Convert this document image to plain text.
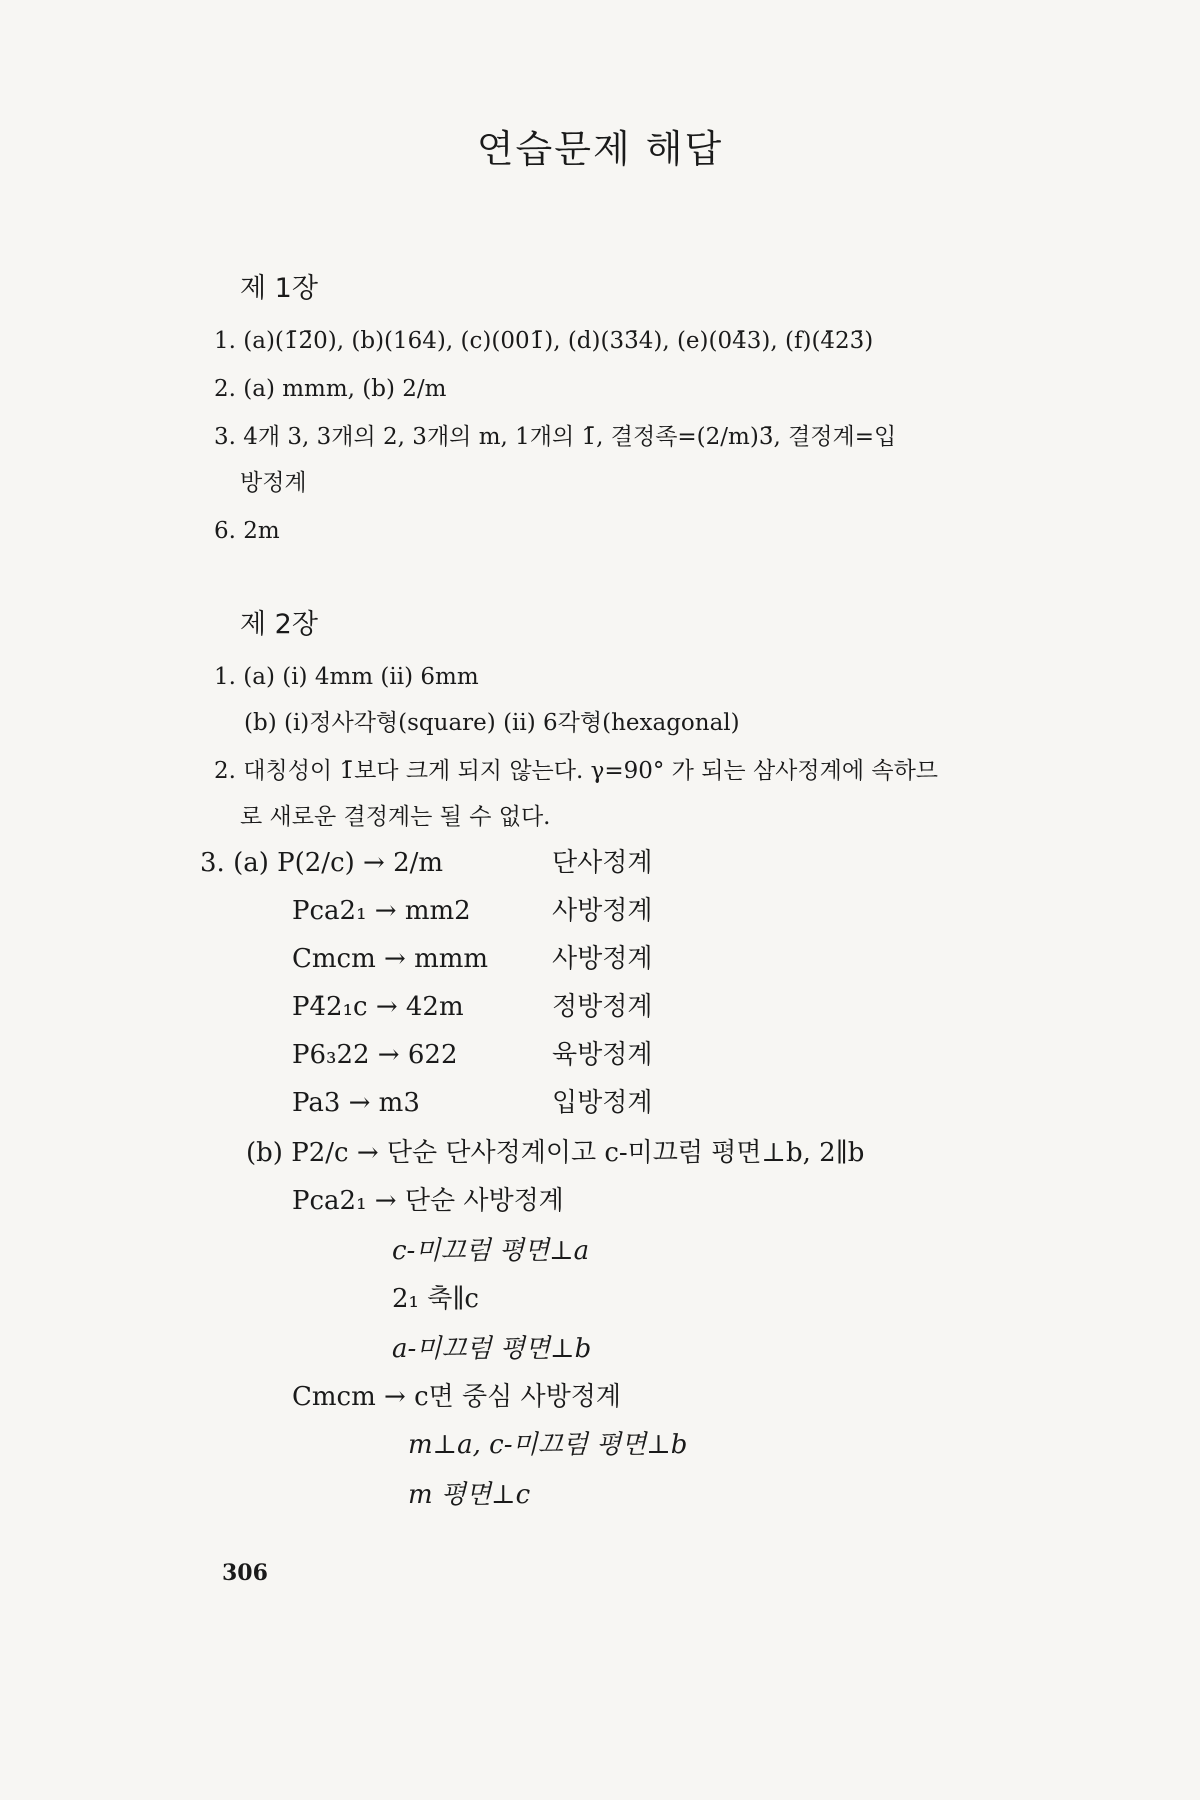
연습문제 해답
제 1장
1. (a)(1̄2̄0), (b)(164), (c)(001̄), (d)(33̄4), (e)(04̄3), (f)(4̄23̄)
2. (a) mmm, (b) 2/m
3. 4개 3, 3개의 2, 3개의 m, 1개의 1̄, 결정족=(2/m)3̄, 결정계=입
방정계
6. 2m
제 2장
1. (a) (i) 4mm (ii) 6mm
(b) (i)정사각형(square) (ii) 6각형(hexagonal)
2. 대칭성이 1̄보다 크게 되지 않는다. γ=90° 가 되는 삼사정계에 속하므
로 새로운 결정계는 될 수 없다.
3. (a) P(2/c) → 2/m	단사정계
Pca2₁ → mm2	사방정계
Cmcm → mmm 사방정계
P4̄2₁c → 42m	정방정계
P6₃22 → 622	육방정계
Pa3 → m3	입방정계
(b) P2/c → 단순 단사정계이고 c-미끄럼 평면⊥b, 2∥b
Pca2₁ → 단순 사방정계
c-미끄럼 평면⊥a
2₁ 축∥c
a-미끄럼 평면⊥b
Cmcm → c면 중심 사방정계
m⊥a, c-미끄럼 평면⊥b
m 평면⊥c
306
